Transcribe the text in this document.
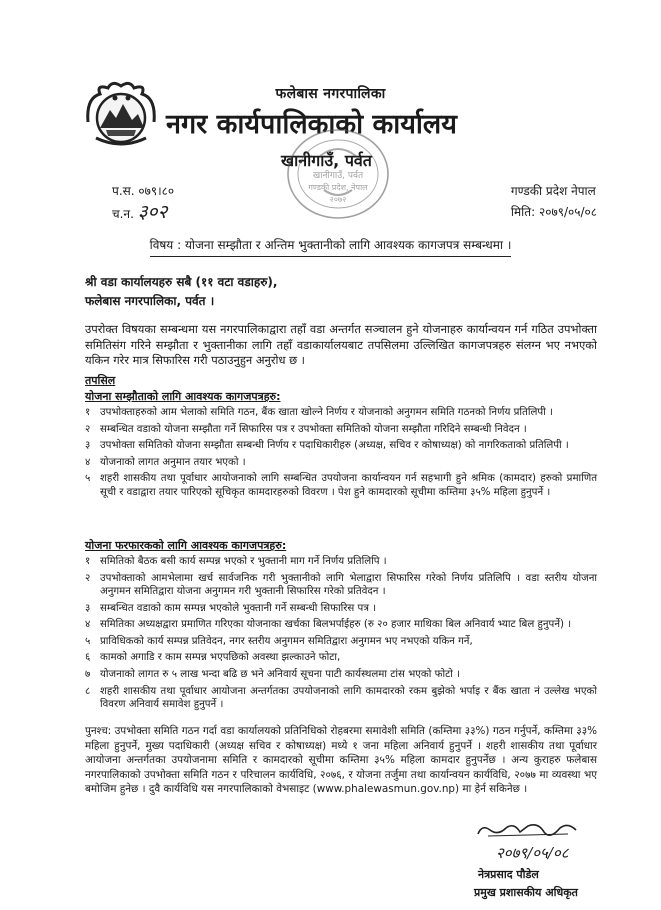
फलेबास नगरपालिका
नगर कार्यपालिकाको कार्यालय
खानीगाउँ, पर्वत
खानीगाउँ, पर्वत
गण्डकी प्रदेश, नेपाल
२०७२
प.स. ०७९।८०
च.न. ३०२
गण्डकी प्रदेश नेपाल
मिति: २०७९/०५/०८
विषय : योजना सम्झौता र अन्तिम भुक्तानीको लागि आवश्यक कागजपत्र सम्बन्धमा ।
श्री वडा कार्यालयहरु सबै (११ वटा वडाहरु),
फलेबास नगरपालिका, पर्वत ।
उपरोक्त विषयका सम्बन्धमा यस नगरपालिकाद्वारा तहाँ वडा अन्तर्गत सञ्चालन हुने योजनाहरु कार्यान्वयन गर्न गठित उपभोक्ता समितिसंग गरिने सम्झौता र भुक्तानीका लागि तहाँ वडाकार्यालयबाट तपसिलमा उल्लिखित कागजपत्रहरु संलग्न भए नभएको यकिन गरेर मात्र सिफारिस गरी पठाउनुहुन अनुरोध छ ।
तपसिल
योजना सम्झौताको लागि आवश्यक कागजपत्रहरु:
१ उपभोक्ताहरुको आम भेलाको समिति गठन, बैंक खाता खोल्ने निर्णय र योजनाको अनुगमन समिति गठनको निर्णय प्रतिलिपी ।
२ सम्बन्धित वडाको योजना सम्झौता गर्ने सिफारिस पत्र र उपभोक्ता समितिको योजना सम्झौता गरिदिने सम्बन्धी निवेदन ।
३ उपभोक्ता समितिको योजना सम्झौता सम्बन्धी निर्णय र पदाधिकारीहरु (अध्यक्ष, सचिव र कोषाध्यक्ष) को नागरिकताको प्रतिलिपी ।
४ योजनाको लागत अनुमान तयार भएको ।
५ शहरी शासकीय तथा पूर्वाधार आयोजनाको लागि सम्बन्धित उपयोजना कार्यान्वयन गर्न सहभागी हुने श्रमिक (कामदार) हरुको प्रमाणित सूची र वडाद्वारा तयार पारिएको सूचिकृत कामदारहरुको विवरण । पेश हुने कामदारको सूचीमा कम्तिमा ३५% महिला हुनुपर्ने ।
योजना फरफारकको लागि आवश्यक कागजपत्रहरु:
१ समितिको बैठक बसी कार्य सम्पन्न भएको र भुक्तानी माग गर्ने निर्णय प्रतिलिपि ।
२ उपभोक्ताको आमभेलामा खर्च सार्वजनिक गरी भुक्तानीको लागि भेलाद्वारा सिफारिस गरेको निर्णय प्रतिलिपि । वडा स्तरीय योजना अनुगमन समितिद्वारा योजना अनुगमन गरी भुक्तानी सिफारिस गरेको प्रतिवेदन ।
३ सम्बन्धित वडाको काम सम्पन्न भएकोले भुक्तानी गर्ने सम्बन्धी सिफारिस पत्र ।
४ समितिका अध्यक्षद्वारा प्रमाणित गरिएका योजनाका खर्चका बिलभर्पाईहरु (रु २० हजार माथिका बिल अनिवार्य भ्याट बिल हुनुपर्ने) ।
५ प्राविधिकको कार्य सम्पन्न प्रतिवेदन, नगर स्तरीय अनुगमन समितिद्वारा अनुगमन भए नभएको यकिन गर्ने,
६ कामको अगाडि र काम सम्पन्न भएपछिको अवस्था झल्काउने फोटा,
७ योजनाको लागत रु ५ लाख भन्दा बढि छ भने अनिवार्य सूचना पाटी कार्यस्थलमा टांस भएको फोटो ।
८ शहरी शासकीय तथा पूर्वाधार आयोजना अन्तर्गतका उपयोजनाको लागि कामदारको रकम बुझेको भर्पाइ र बैंक खाता नं उल्लेख भएको विवरण अनिवार्य समावेश हुनुपर्ने ।
पुनश्च: उपभोक्ता समिति गठन गर्दा वडा कार्यालयको प्रतिनिधिको रोहबरमा समावेशी समिति (कम्तिमा ३३%) गठन गर्नुपर्ने, कम्तिमा ३३% महिला हुनुपर्ने, मुख्य पदाधिकारी (अध्यक्ष सचिव र कोषाध्यक्ष) मध्ये १ जना महिला अनिवार्य हुनुपर्ने । शहरी शासकीय तथा पूर्वाधार आयोजना अन्तर्गतका उपयोजनामा समिति र कामदारको सूचीमा कम्तिमा ३५% महिला कामदार हुनुपर्नेछ । अन्य कुराहरु फलेबास नगरपालिकाको उपभोक्ता समिति गठन र परिचालन कार्यविधि, २०७६, र योजना तर्जुमा तथा कार्यान्वयन कार्यविधि, २०७७ मा व्यवस्था भए बमोजिम हुनेछ । दुवै कार्यविधि यस नगरपालिकाको वेभसाइट (www.phalewasmun.gov.np) मा हेर्न सकिनेछ ।
२०७९/०५/०८
नेत्रप्रसाद पौडेल
प्रमुख प्रशासकीय अधिकृत
